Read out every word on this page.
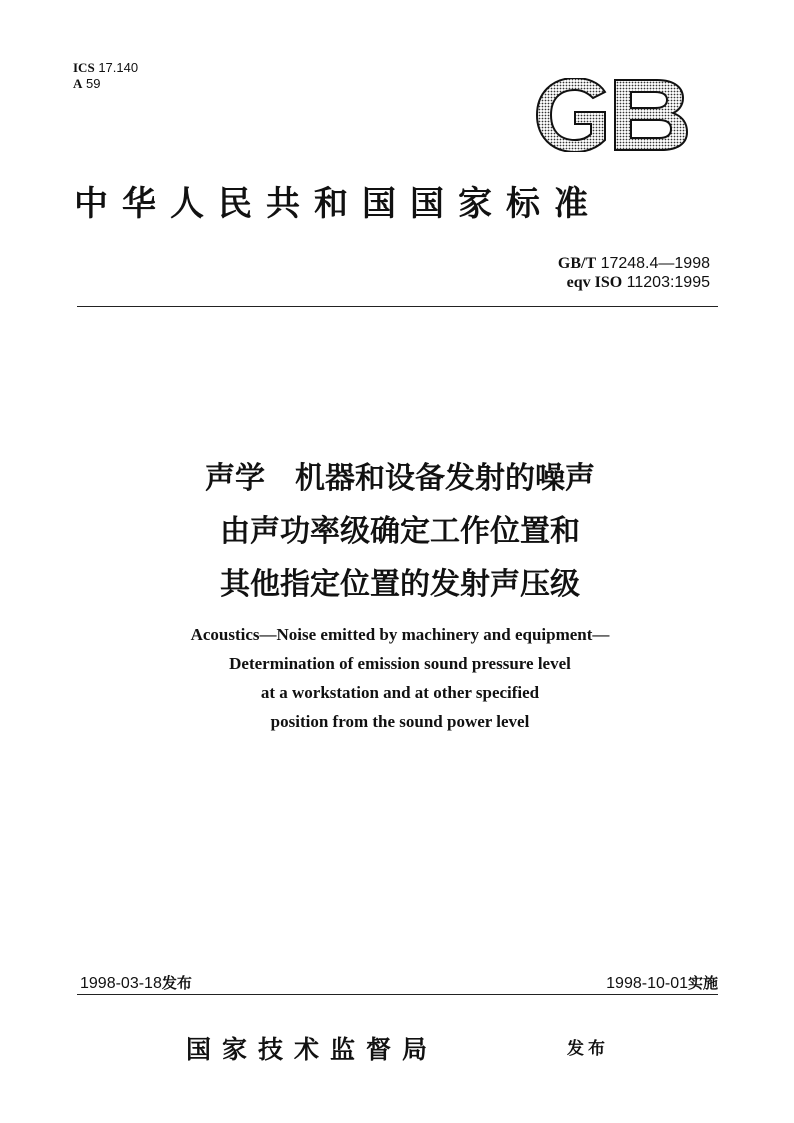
ICS 17.140
A 59
中华人民共和国国家标准
GB/T 17248.4—1998
eqv ISO 11203:1995
声学　机器和设备发射的噪声
由声功率级确定工作位置和
其他指定位置的发射声压级
Acoustics—Noise emitted by machinery and equipment—
Determination of emission sound pressure level
at a workstation and at other specified
position from the sound power level
1998-03-18发布	1998-10-01实施
国家技术监督局	发布
